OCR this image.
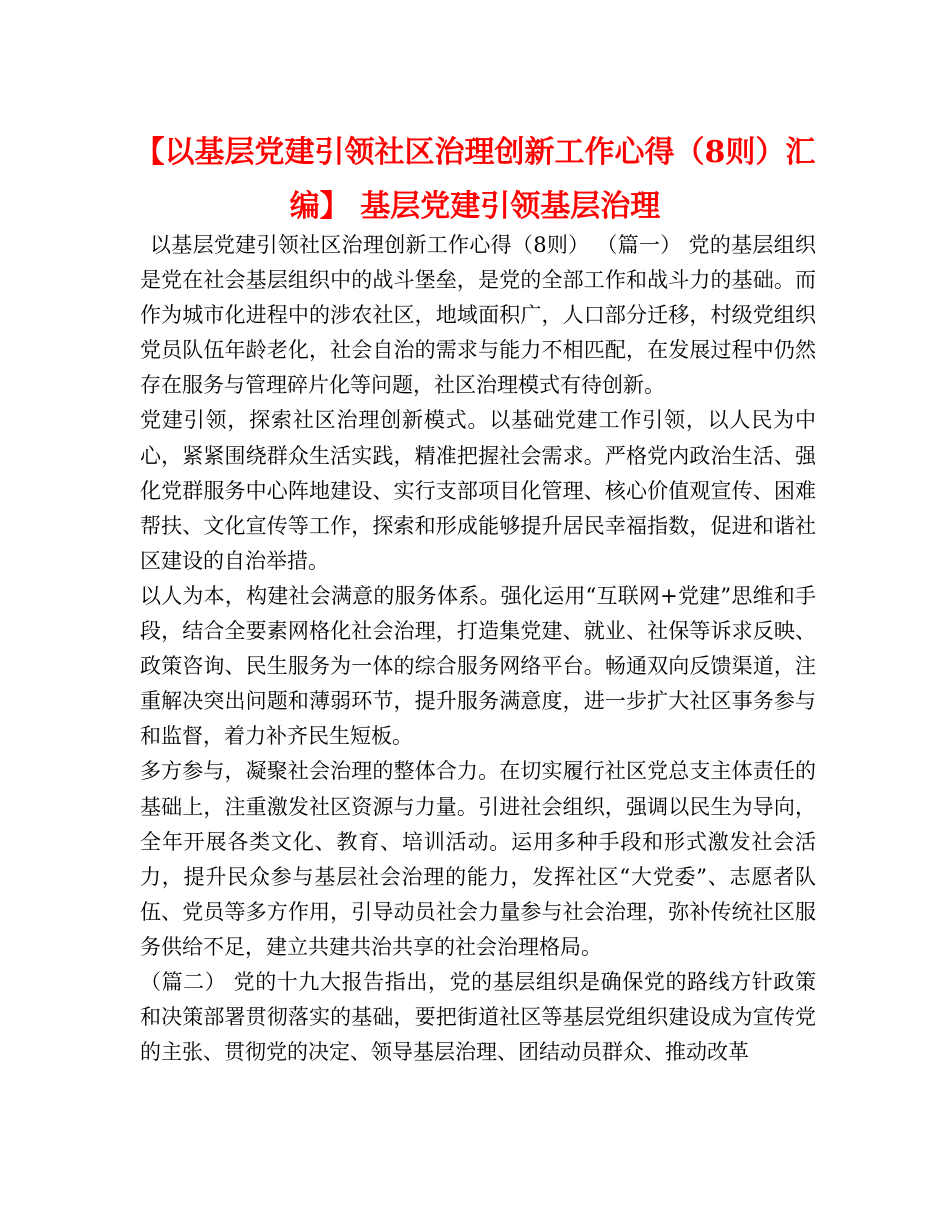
【以基层党建引领社区治理创新工作心得（8则）汇编】 基层党建引领基层治理

以基层党建引领社区治理创新工作心得（8则） （篇一） 党的基层组织是党在社会基层组织中的战斗堡垒，是党的全部工作和战斗力的基础。而作为城市化进程中的涉农社区，地域面积广，人口部分迁移，村级党组织党员队伍年龄老化，社会自治的需求与能力不相匹配，在发展过程中仍然存在服务与管理碎片化等问题，社区治理模式有待创新。

党建引领，探索社区治理创新模式。以基础党建工作引领，以人民为中心，紧紧围绕群众生活实践，精准把握社会需求。严格党内政治生活、强化党群服务中心阵地建设、实行支部项目化管理、核心价值观宣传、困难帮扶、文化宣传等工作，探索和形成能够提升居民幸福指数，促进和谐社区建设的自治举措。

以人为本，构建社会满意的服务体系。强化运用“互联网+党建”思维和手段，结合全要素网格化社会治理，打造集党建、就业、社保等诉求反映、政策咨询、民生服务为一体的综合服务网络平台。畅通双向反馈渠道，注重解决突出问题和薄弱环节，提升服务满意度，进一步扩大社区事务参与和监督，着力补齐民生短板。

多方参与，凝聚社会治理的整体合力。在切实履行社区党总支主体责任的基础上，注重激发社区资源与力量。引进社会组织，强调以民生为导向，全年开展各类文化、教育、培训活动。运用多种手段和形式激发社会活力，提升民众参与基层社会治理的能力，发挥社区“大党委”、志愿者队伍、党员等多方作用，引导动员社会力量参与社会治理，弥补传统社区服务供给不足，建立共建共治共享的社会治理格局。

（篇二） 党的十九大报告指出，党的基层组织是确保党的路线方针政策和决策部署贯彻落实的基础，要把街道社区等基层党组织建设成为宣传党的主张、贯彻党的决定、领导基层治理、团结动员群众、推动改革
